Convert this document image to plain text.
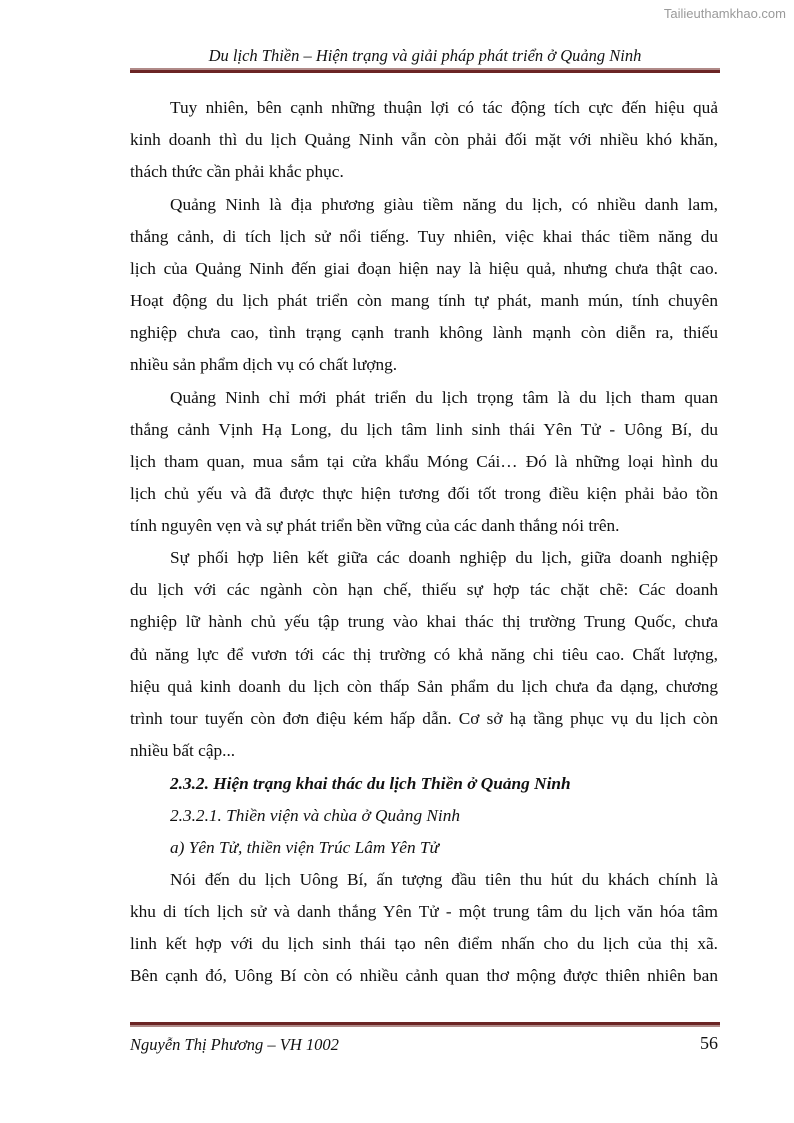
Tailieuthamkhao.com
Du lịch Thiền – Hiện trạng và giải pháp phát triển ở Quảng Ninh
Tuy nhiên, bên cạnh những thuận lợi có tác động tích cực đến hiệu quả
kinh doanh thì du lịch Quảng Ninh vẫn còn phải đối mặt với nhiều khó khăn,
thách thức cần phải khắc phục.
Quảng Ninh là địa phương giàu tiềm năng du lịch, có nhiều danh lam,
thắng cảnh, di tích lịch sử nổi tiếng. Tuy nhiên, việc khai thác tiềm năng du
lịch của Quảng Ninh đến giai đoạn hiện nay là hiệu quả, nhưng chưa thật cao.
Hoạt động du lịch phát triển còn mang tính tự phát, manh mún, tính chuyên
nghiệp chưa cao, tình trạng cạnh tranh không lành mạnh còn diễn ra, thiếu
nhiều sản phẩm dịch vụ có chất lượng.
Quảng Ninh chỉ mới phát triển du lịch trọng tâm là du lịch tham quan
thắng cảnh Vịnh Hạ Long, du lịch tâm linh sinh thái Yên Tử - Uông Bí, du
lịch tham quan, mua sắm tại cửa khẩu Móng Cái… Đó là những loại hình du
lịch chủ yếu và đã được thực hiện tương đối tốt trong điều kiện phải bảo tồn
tính nguyên vẹn và sự phát triển bền vững của các danh thắng nói trên.
Sự phối hợp liên kết giữa các doanh nghiệp du lịch, giữa doanh nghiệp
du lịch với các ngành còn hạn chế, thiếu sự hợp tác chặt chẽ: Các doanh
nghiệp lữ hành chủ yếu tập trung vào khai thác thị trường Trung Quốc, chưa
đủ năng lực để vươn tới các thị trường có khả năng chi tiêu cao. Chất lượng,
hiệu quả kinh doanh du lịch còn thấp Sản phẩm du lịch chưa đa dạng, chương
trình tour tuyến còn đơn điệu kém hấp dẫn. Cơ sở hạ tầng phục vụ du lịch còn
nhiều bất cập...
2.3.2. Hiện trạng khai thác du lịch Thiền ở Quảng Ninh
2.3.2.1. Thiền viện và chùa ở Quảng Ninh
a) Yên Tử, thiền viện Trúc Lâm Yên Tử
Nói đến du lịch Uông Bí, ấn tượng đầu tiên thu hút du khách chính là
khu di tích lịch sử và danh thắng Yên Tử - một trung tâm du lịch văn hóa tâm
linh kết hợp với du lịch sinh thái tạo nên điểm nhấn cho du lịch của thị xã.
Bên cạnh đó, Uông Bí còn có nhiều cảnh quan thơ mộng được thiên nhiên ban
Nguyễn Thị Phương – VH 1002	56
